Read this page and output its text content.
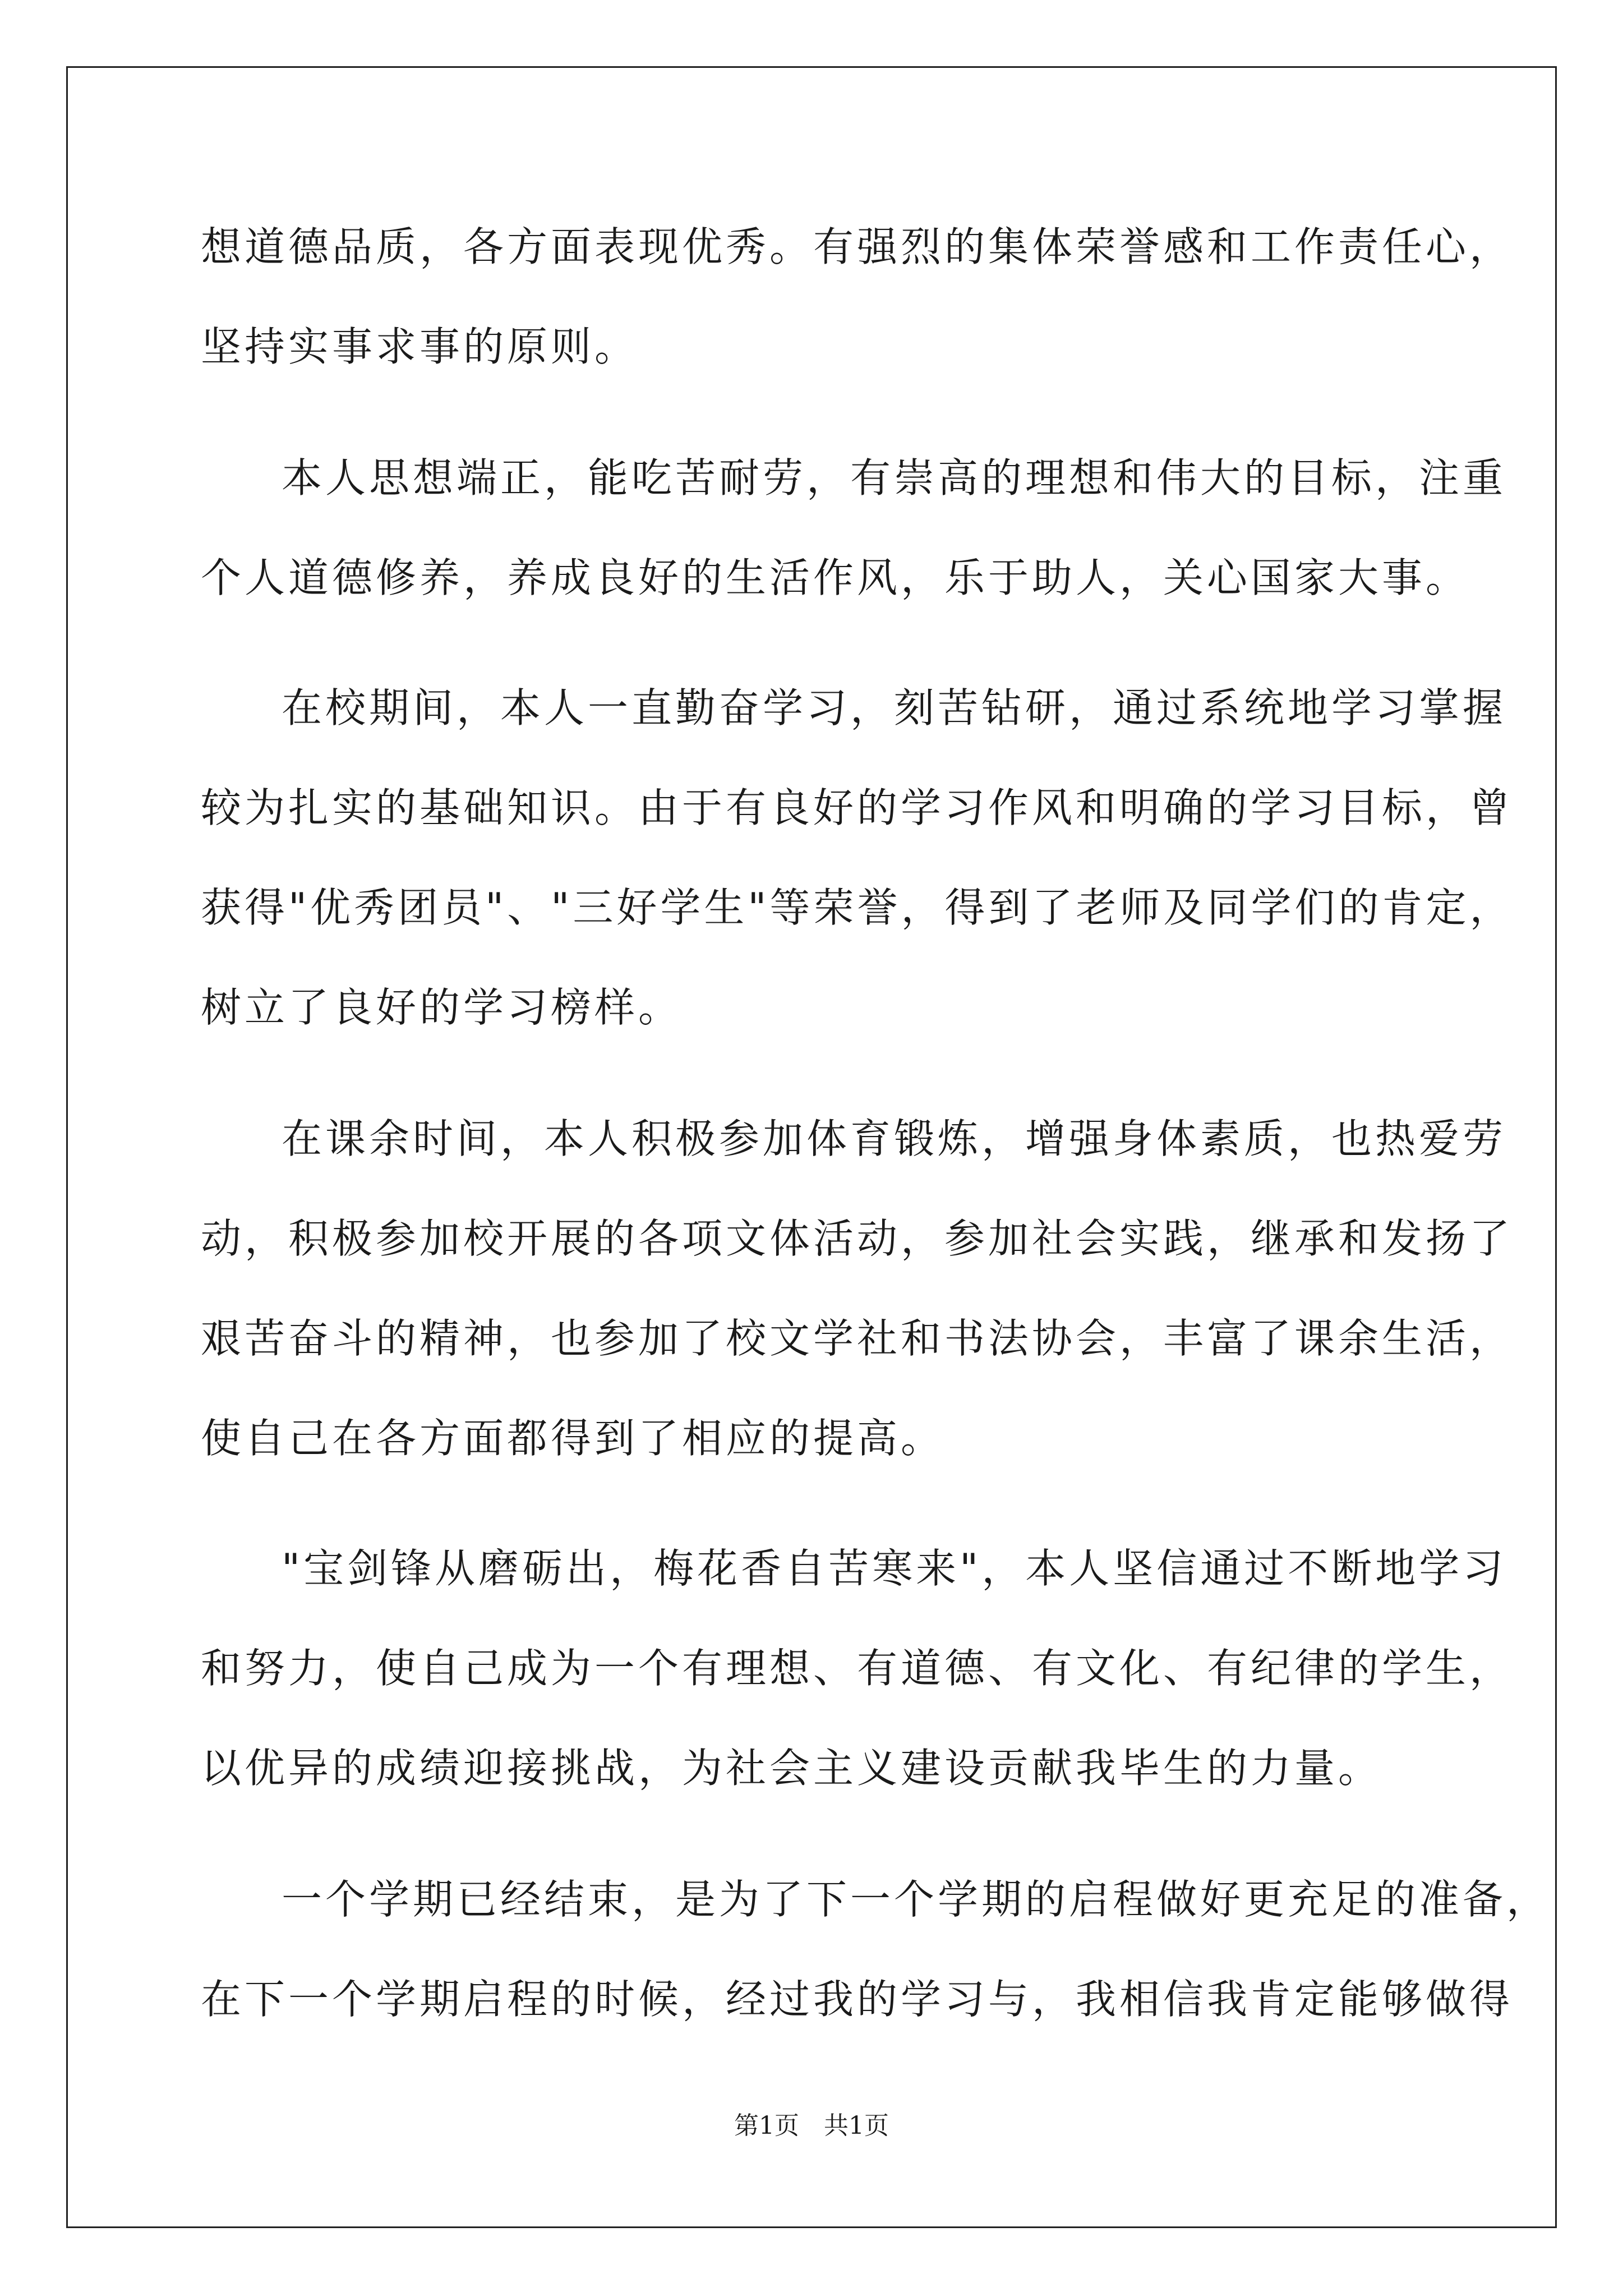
想道德品质，各方面表现优秀。有强烈的集体荣誉感和工作责任心，
坚持实事求事的原则。
本人思想端正，能吃苦耐劳，有崇高的理想和伟大的目标，注重
个人道德修养，养成良好的生活作风，乐于助人，关心国家大事。
在校期间，本人一直勤奋学习，刻苦钻研，通过系统地学习掌握
较为扎实的基础知识。由于有良好的学习作风和明确的学习目标，曾
获得"优秀团员"、"三好学生"等荣誉，得到了老师及同学们的肯定，
树立了良好的学习榜样。
在课余时间，本人积极参加体育锻炼，增强身体素质，也热爱劳
动，积极参加校开展的各项文体活动，参加社会实践，继承和发扬了
艰苦奋斗的精神，也参加了校文学社和书法协会，丰富了课余生活，
使自己在各方面都得到了相应的提高。
"宝剑锋从磨砺出，梅花香自苦寒来"，本人坚信通过不断地学习
和努力，使自己成为一个有理想、有道德、有文化、有纪律的学生，
以优异的成绩迎接挑战，为社会主义建设贡献我毕生的力量。
一个学期已经结束，是为了下一个学期的启程做好更充足的准备，
在下一个学期启程的时候，经过我的学习与，我相信我肯定能够做得
第1页　共1页
